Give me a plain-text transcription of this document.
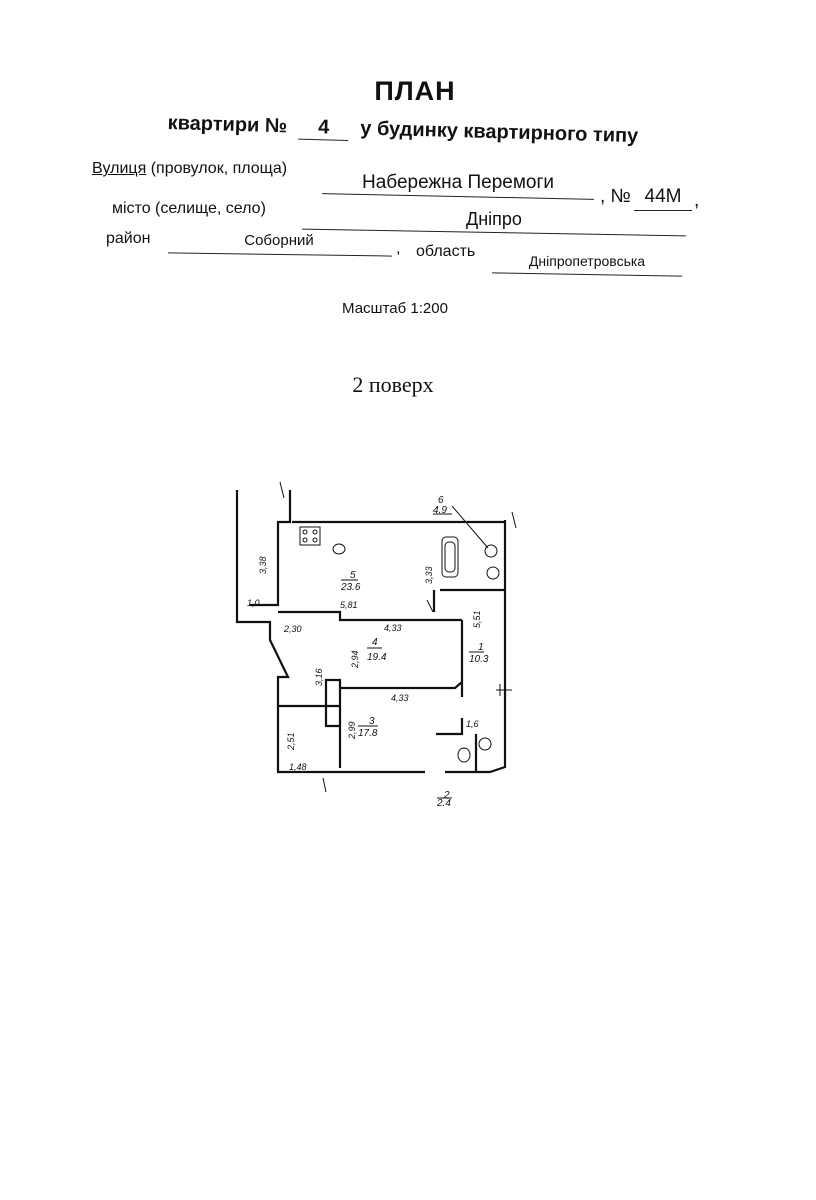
ПЛАН
квартири № 4 у будинку квартирного типу
Вулиця (провулок, площа)
Набережна Перемоги
, № 44М ,
місто (селище, село)
Дніпро
район	Соборний	, область
Дніпропетровська
Масштаб 1:200
2 поверх
6
4.9
5
23.6
4
19.4
1
10.3
3
17.8
2
2.4
3,38
1,0	5,81
3,33
5,51
2,30	4,33
2,94
3,16
4,33
2,99
2,51
1,48
1,6
